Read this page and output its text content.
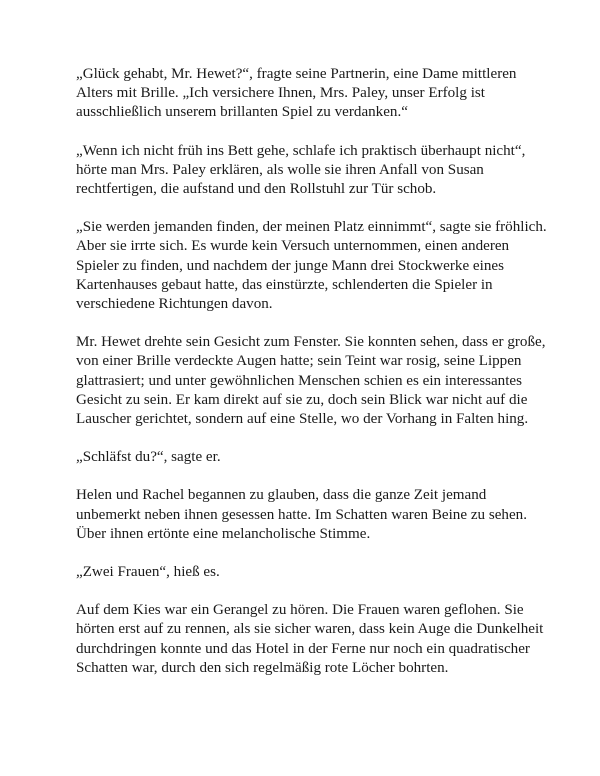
„Glück gehabt, Mr. Hewet?“, fragte seine Partnerin, eine Dame mittleren Alters mit Brille. „Ich versichere Ihnen, Mrs. Paley, unser Erfolg ist ausschließlich unserem brillanten Spiel zu verdanken.“

„Wenn ich nicht früh ins Bett gehe, schlafe ich praktisch überhaupt nicht“, hörte man Mrs. Paley erklären, als wolle sie ihren Anfall von Susan rechtfertigen, die aufstand und den Rollstuhl zur Tür schob.

„Sie werden jemanden finden, der meinen Platz einnimmt“, sagte sie fröhlich. Aber sie irrte sich. Es wurde kein Versuch unternommen, einen anderen Spieler zu finden, und nachdem der junge Mann drei Stockwerke eines Kartenhauses gebaut hatte, das einstürzte, schlenderten die Spieler in verschiedene Richtungen davon.

Mr. Hewet drehte sein Gesicht zum Fenster. Sie konnten sehen, dass er große, von einer Brille verdeckte Augen hatte; sein Teint war rosig, seine Lippen glattrasiert; und unter gewöhnlichen Menschen schien es ein interessantes Gesicht zu sein. Er kam direkt auf sie zu, doch sein Blick war nicht auf die Lauscher gerichtet, sondern auf eine Stelle, wo der Vorhang in Falten hing.

„Schläfst du?“, sagte er.

Helen und Rachel begannen zu glauben, dass die ganze Zeit jemand unbemerkt neben ihnen gesessen hatte. Im Schatten waren Beine zu sehen. Über ihnen ertönte eine melancholische Stimme.

„Zwei Frauen“, hieß es.

Auf dem Kies war ein Gerangel zu hören. Die Frauen waren geflohen. Sie hörten erst auf zu rennen, als sie sicher waren, dass kein Auge die Dunkelheit durchdringen konnte und das Hotel in der Ferne nur noch ein quadratischer Schatten war, durch den sich regelmäßig rote Löcher bohrten.
